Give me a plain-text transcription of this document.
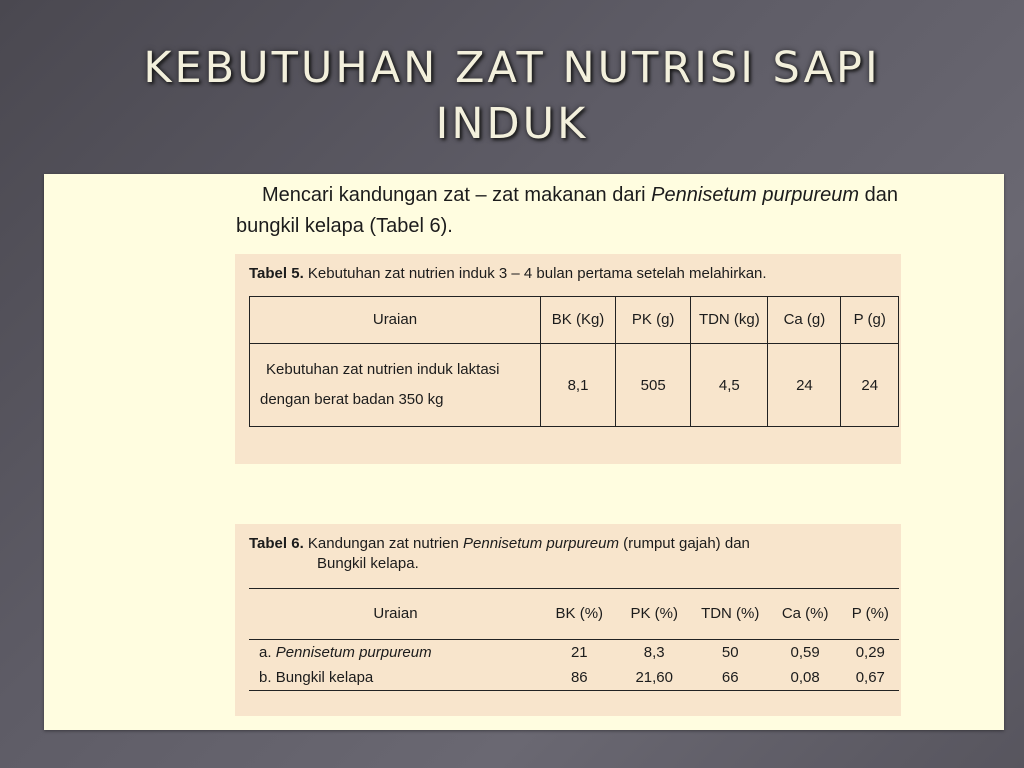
KEBUTUHAN ZAT NUTRISI SAPI INDUK
Mencari kandungan zat – zat makanan dari Pennisetum purpureum dan bungkil kelapa (Tabel 6).
Tabel 5. Kebutuhan zat nutrien induk 3 – 4 bulan pertama setelah melahirkan.
Uraian	BK (Kg)	PK (g)	TDN (kg)	Ca (g)	P (g)

Kebutuhan zat nutrien induk laktasi
dengan berat badan 350 kg	8,1	505	4,5	24	24
Tabel 6. Kandungan zat nutrien Pennisetum purpureum (rumput gajah) dan
Bungkil kelapa.
Uraian	BK (%)	PK (%)	TDN (%)	Ca (%)	P (%)
a. Pennisetum purpureum	21	8,3	50	0,59	0,29
b. Bungkil kelapa	86	21,60	66	0,08	0,67
